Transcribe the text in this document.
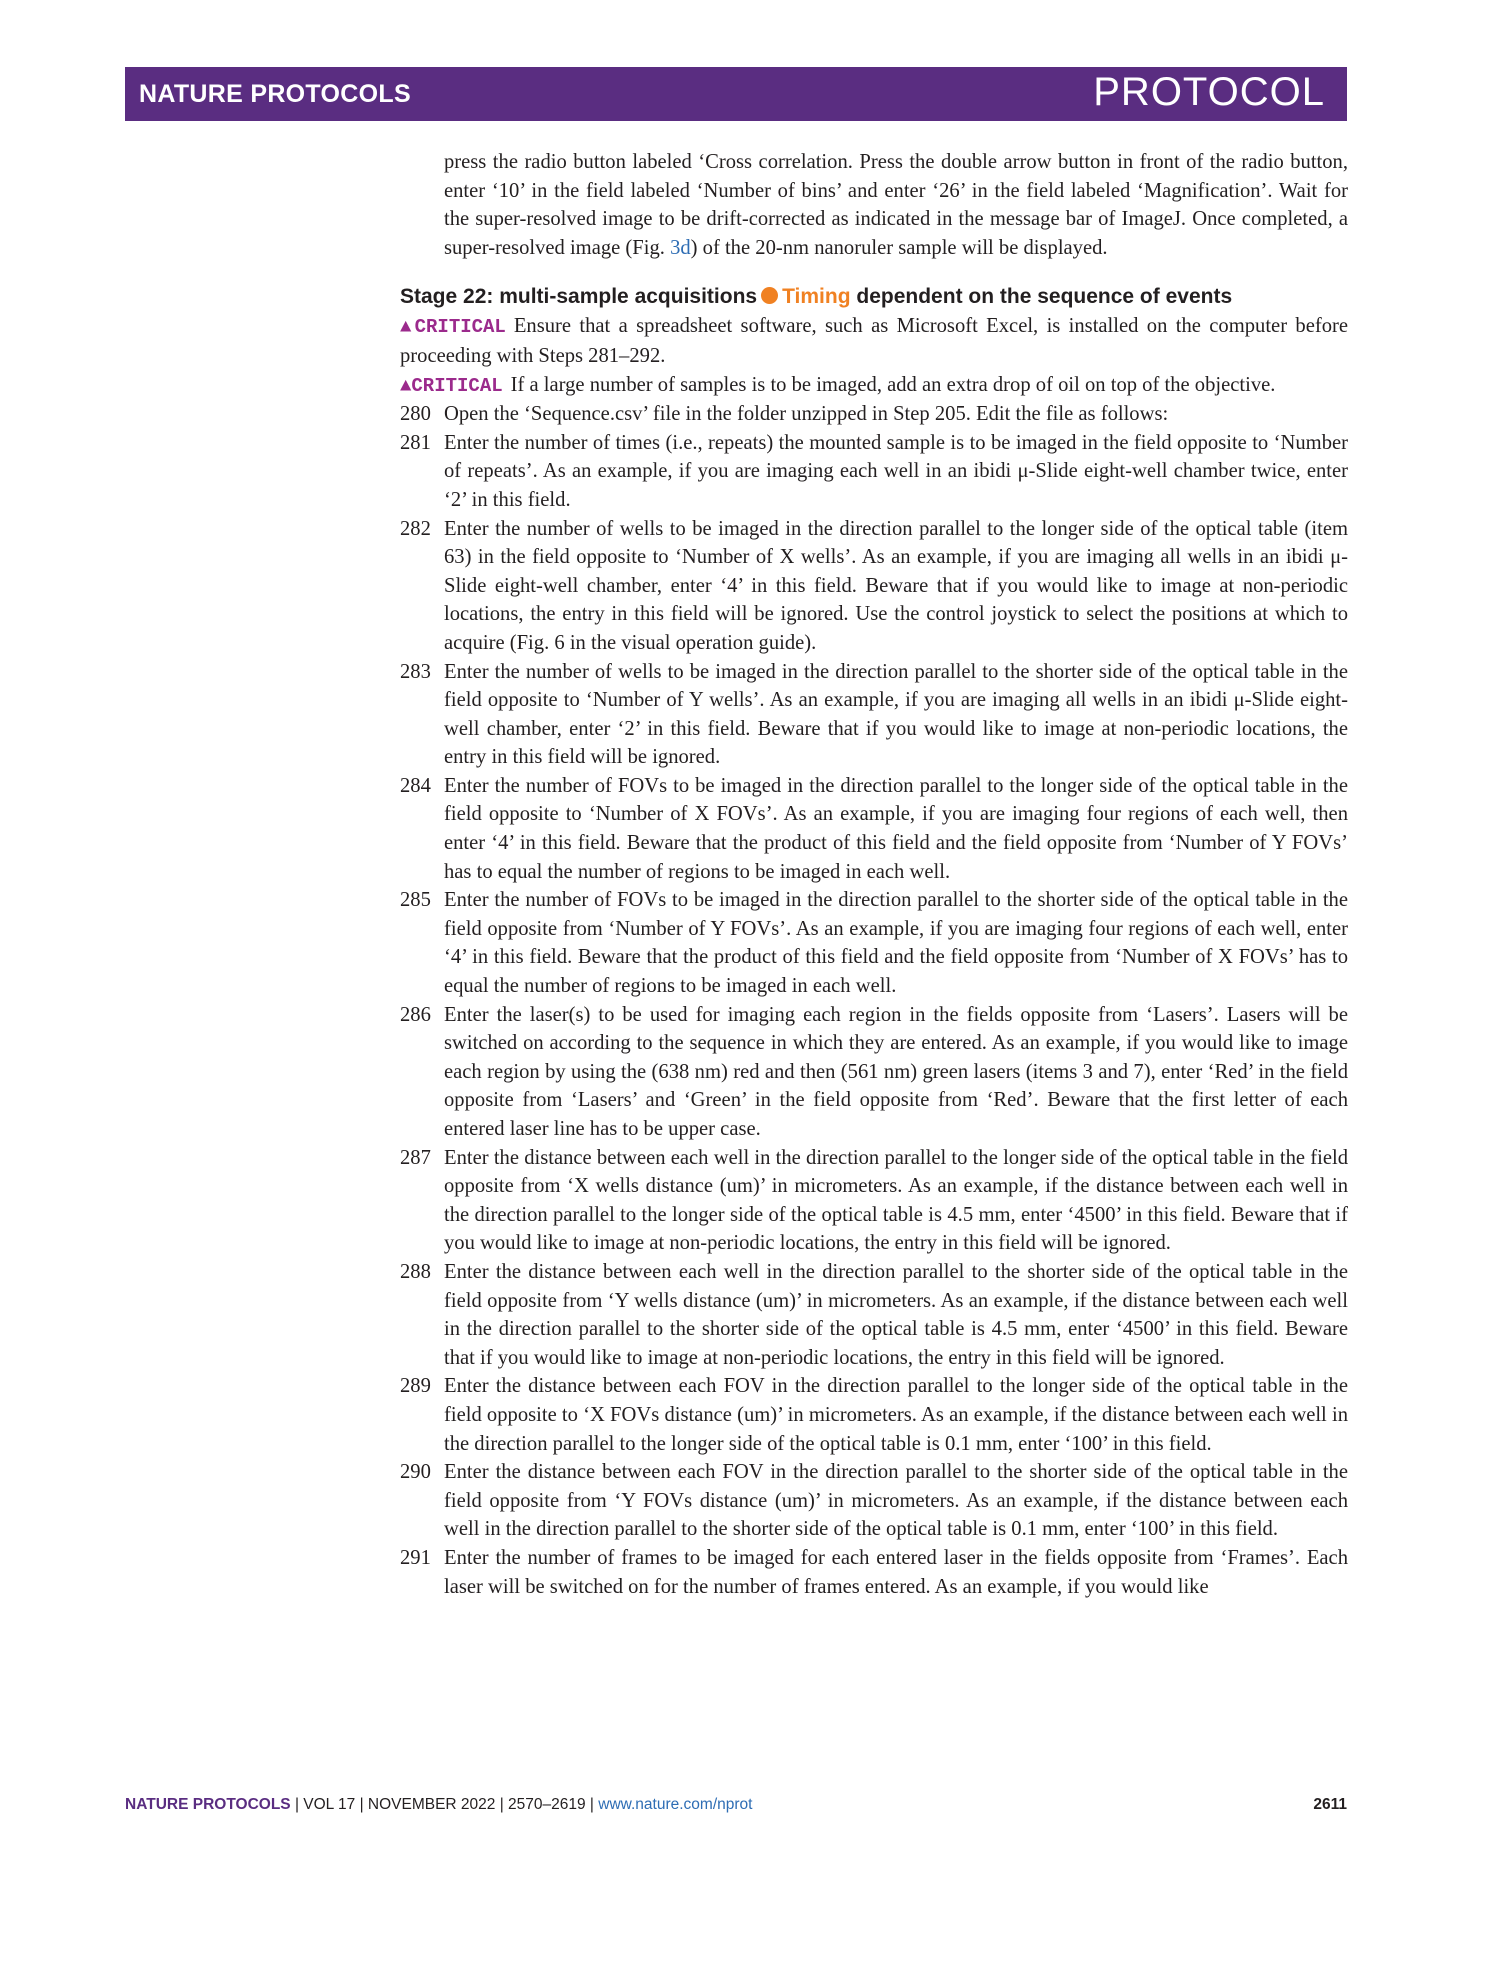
NATURE PROTOCOLS	PROTOCOL

press the radio button labeled ‘Cross correlation. Press the double arrow button in front of the radio button, enter ‘10’ in the field labeled ‘Number of bins’ and enter ‘26’ in the field labeled ‘Magnification’. Wait for the super-resolved image to be drift-corrected as indicated in the message bar of ImageJ. Once completed, a super-resolved image (Fig. 3d) of the 20-nm nanoruler sample will be displayed.

Stage 22: multi-sample acquisitions Timing dependent on the sequence of events

▲CRITICAL Ensure that a spreadsheet software, such as Microsoft Excel, is installed on the computer before proceeding with Steps 281–292.

▲CRITICAL If a large number of samples is to be imaged, add an extra drop of oil on top of the objective.

280 Open the ‘Sequence.csv’ file in the folder unzipped in Step 205. Edit the file as follows:
281 Enter the number of times (i.e., repeats) the mounted sample is to be imaged in the field opposite to ‘Number of repeats’. As an example, if you are imaging each well in an ibidi μ-Slide eight-well chamber twice, enter ‘2’ in this field.
282 Enter the number of wells to be imaged in the direction parallel to the longer side of the optical table (item 63) in the field opposite to ‘Number of X wells’. As an example, if you are imaging all wells in an ibidi μ-Slide eight-well chamber, enter ‘4’ in this field. Beware that if you would like to image at non-periodic locations, the entry in this field will be ignored. Use the control joystick to select the positions at which to acquire (Fig. 6 in the visual operation guide).
283 Enter the number of wells to be imaged in the direction parallel to the shorter side of the optical table in the field opposite to ‘Number of Y wells’. As an example, if you are imaging all wells in an ibidi μ-Slide eight-well chamber, enter ‘2’ in this field. Beware that if you would like to image at non-periodic locations, the entry in this field will be ignored.
284 Enter the number of FOVs to be imaged in the direction parallel to the longer side of the optical table in the field opposite to ‘Number of X FOVs’. As an example, if you are imaging four regions of each well, then enter ‘4’ in this field. Beware that the product of this field and the field opposite from ‘Number of Y FOVs’ has to equal the number of regions to be imaged in each well.
285 Enter the number of FOVs to be imaged in the direction parallel to the shorter side of the optical table in the field opposite from ‘Number of Y FOVs’. As an example, if you are imaging four regions of each well, enter ‘4’ in this field. Beware that the product of this field and the field opposite from ‘Number of X FOVs’ has to equal the number of regions to be imaged in each well.
286 Enter the laser(s) to be used for imaging each region in the fields opposite from ‘Lasers’. Lasers will be switched on according to the sequence in which they are entered. As an example, if you would like to image each region by using the (638 nm) red and then (561 nm) green lasers (items 3 and 7), enter ‘Red’ in the field opposite from ‘Lasers’ and ‘Green’ in the field opposite from ‘Red’. Beware that the first letter of each entered laser line has to be upper case.
287 Enter the distance between each well in the direction parallel to the longer side of the optical table in the field opposite from ‘X wells distance (um)’ in micrometers. As an example, if the distance between each well in the direction parallel to the longer side of the optical table is 4.5 mm, enter ‘4500’ in this field. Beware that if you would like to image at non-periodic locations, the entry in this field will be ignored.
288 Enter the distance between each well in the direction parallel to the shorter side of the optical table in the field opposite from ‘Y wells distance (um)’ in micrometers. As an example, if the distance between each well in the direction parallel to the shorter side of the optical table is 4.5 mm, enter ‘4500’ in this field. Beware that if you would like to image at non-periodic locations, the entry in this field will be ignored.
289 Enter the distance between each FOV in the direction parallel to the longer side of the optical table in the field opposite to ‘X FOVs distance (um)’ in micrometers. As an example, if the distance between each well in the direction parallel to the longer side of the optical table is 0.1 mm, enter ‘100’ in this field.
290 Enter the distance between each FOV in the direction parallel to the shorter side of the optical table in the field opposite from ‘Y FOVs distance (um)’ in micrometers. As an example, if the distance between each well in the direction parallel to the shorter side of the optical table is 0.1 mm, enter ‘100’ in this field.
291 Enter the number of frames to be imaged for each entered laser in the fields opposite from ‘Frames’. Each laser will be switched on for the number of frames entered. As an example, if you would like
NATURE PROTOCOLS | VOL 17 | NOVEMBER 2022 | 2570–2619 | www.nature.com/nprot	2611
